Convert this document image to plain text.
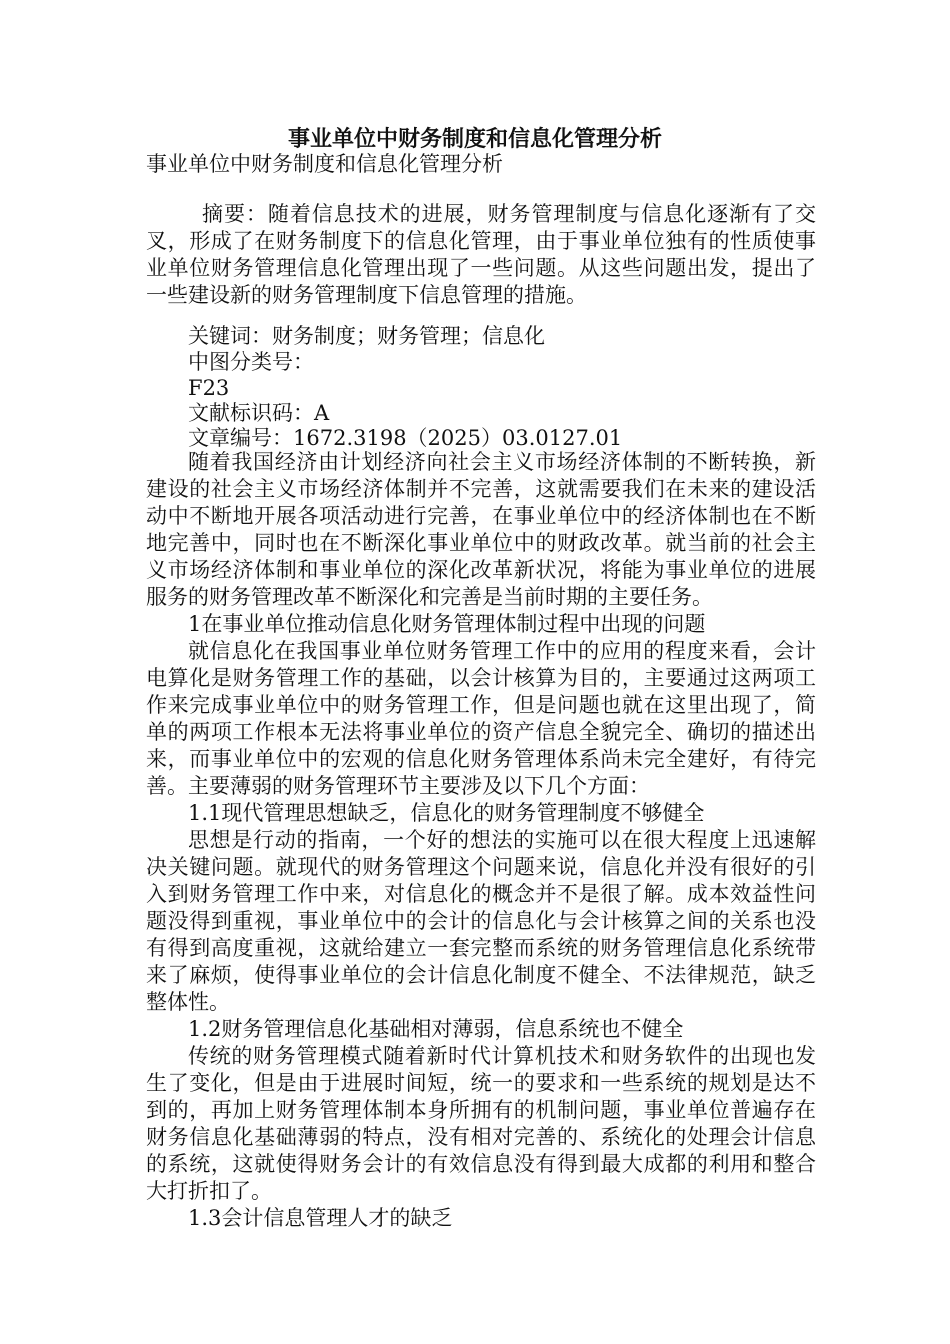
事业单位中财务制度和信息化管理分析
事业单位中财务制度和信息化管理分析

摘要：随着信息技术的进展，财务管理制度与信息化逐渐有了交叉，形成了在财务制度下的信息化管理，由于事业单位独有的性质使事业单位财务管理信息化管理出现了一些问题。从这些问题出发，提出了一些建设新的财务管理制度下信息管理的措施。

关键词：财务制度；财务管理；信息化

中图分类号：

F23

文献标识码：A

文章编号：1672.3198（2025）03.0127.01

随着我国经济由计划经济向社会主义市场经济体制的不断转换，新建设的社会主义市场经济体制并不完善，这就需要我们在未来的建设活动中不断地开展各项活动进行完善，在事业单位中的经济体制也在不断地完善中，同时也在不断深化事业单位中的财政改革。就当前的社会主义市场经济体制和事业单位的深化改革新状况，将能为事业单位的进展服务的财务管理改革不断深化和完善是当前时期的主要任务。

1在事业单位推动信息化财务管理体制过程中出现的问题

就信息化在我国事业单位财务管理工作中的应用的程度来看，会计电算化是财务管理工作的基础，以会计核算为目的，主要通过这两项工作来完成事业单位中的财务管理工作，但是问题也就在这里出现了，简单的两项工作根本无法将事业单位的资产信息全貌完全、确切的描述出来，而事业单位中的宏观的信息化财务管理体系尚未完全建好，有待完善。主要薄弱的财务管理环节主要涉及以下几个方面：

1.1现代管理思想缺乏，信息化的财务管理制度不够健全

思想是行动的指南，一个好的想法的实施可以在很大程度上迅速解决关键问题。就现代的财务管理这个问题来说，信息化并没有很好的引入到财务管理工作中来，对信息化的概念并不是很了解。成本效益性问题没得到重视，事业单位中的会计的信息化与会计核算之间的关系也没有得到高度重视，这就给建立一套完整而系统的财务管理信息化系统带来了麻烦，使得事业单位的会计信息化制度不健全、不法律规范，缺乏整体性。

1.2财务管理信息化基础相对薄弱，信息系统也不健全

传统的财务管理模式随着新时代计算机技术和财务软件的出现也发生了变化，但是由于进展时间短，统一的要求和一些系统的规划是达不到的，再加上财务管理体制本身所拥有的机制问题，事业单位普遍存在财务信息化基础薄弱的特点，没有相对完善的、系统化的处理会计信息的系统，这就使得财务会计的有效信息没有得到最大成都的利用和整合大打折扣了。

1.3会计信息管理人才的缺乏
